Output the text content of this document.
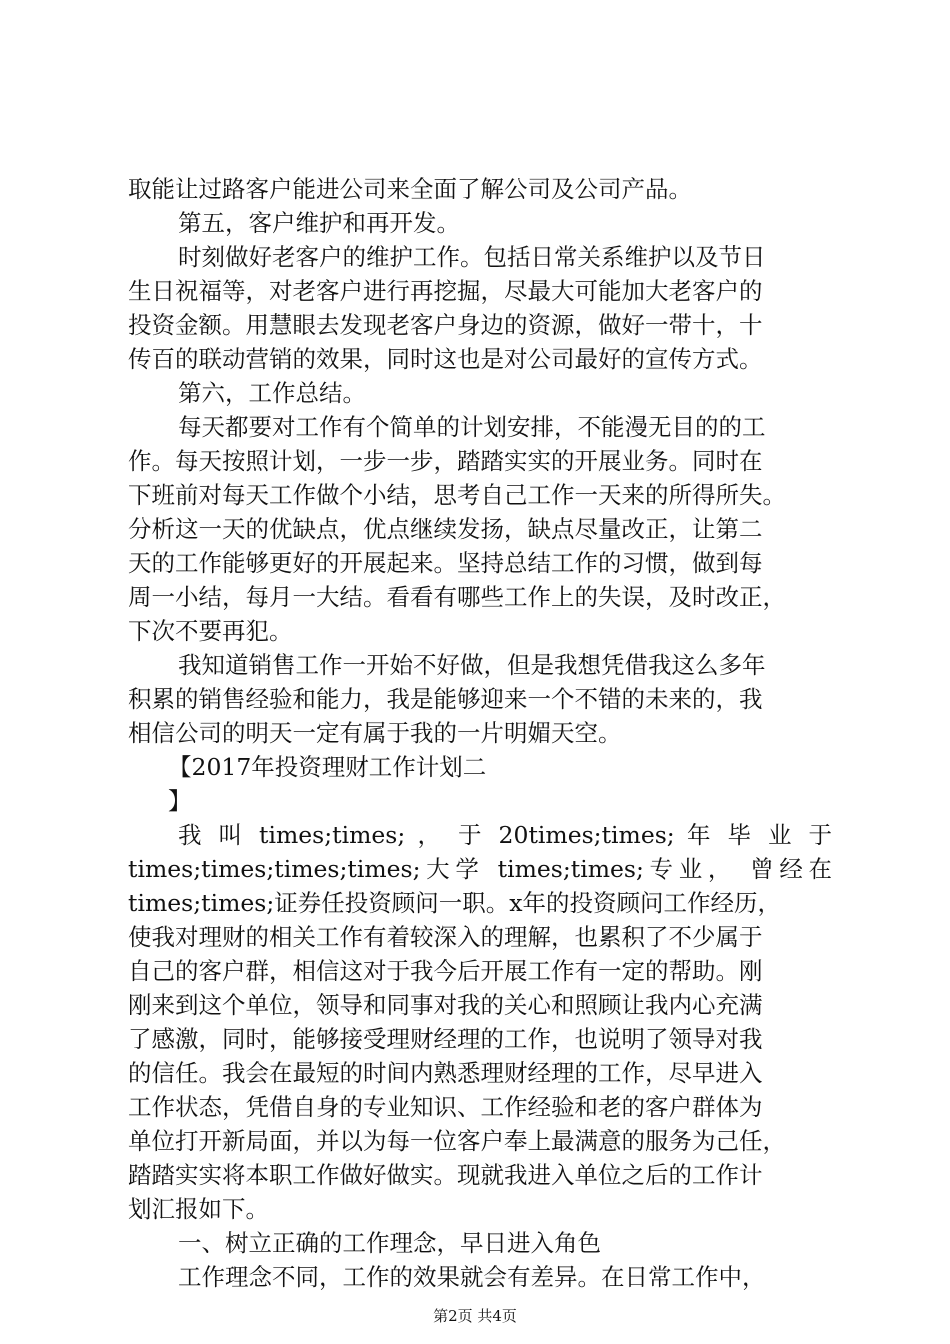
取能让过路客户能进公司来全面了解公司及公司产品。
第五，客户维护和再开发。
时刻做好老客户的维护工作。包括日常关系维护以及节日
生日祝福等，对老客户进行再挖掘，尽最大可能加大老客户的
投资金额。用慧眼去发现老客户身边的资源，做好一带十，十
传百的联动营销的效果，同时这也是对公司最好的宣传方式。
第六，工作总结。
每天都要对工作有个简单的计划安排，不能漫无目的的工
作。每天按照计划，一步一步，踏踏实实的开展业务。同时在
下班前对每天工作做个小结，思考自己工作一天来的所得所失。
分析这一天的优缺点，优点继续发扬，缺点尽量改正，让第二
天的工作能够更好的开展起来。坚持总结工作的习惯，做到每
周一小结，每月一大结。看看有哪些工作上的失误，及时改正，
下次不要再犯。
我知道销售工作一开始不好做，但是我想凭借我这么多年
积累的销售经验和能力，我是能够迎来一个不错的未来的，我
相信公司的明天一定有属于我的一片明媚天空。
【2017年投资理财工作计划二
】
我 叫 times;times; ， 于 20times;times; 年 毕 业 于
times;times;times;times;大学 times;times;专业， 曾经在
times;times;证券任投资顾问一职。x年的投资顾问工作经历，
使我对理财的相关工作有着较深入的理解，也累积了不少属于
自己的客户群，相信这对于我今后开展工作有一定的帮助。刚
刚来到这个单位，领导和同事对我的关心和照顾让我内心充满
了感激，同时，能够接受理财经理的工作，也说明了领导对我
的信任。我会在最短的时间内熟悉理财经理的工作，尽早进入
工作状态，凭借自身的专业知识、工作经验和老的客户群体为
单位打开新局面，并以为每一位客户奉上最满意的服务为己任，
踏踏实实将本职工作做好做实。现就我进入单位之后的工作计
划汇报如下。
一、树立正确的工作理念，早日进入角色
工作理念不同，工作的效果就会有差异。在日常工作中，
第2页 共4页
